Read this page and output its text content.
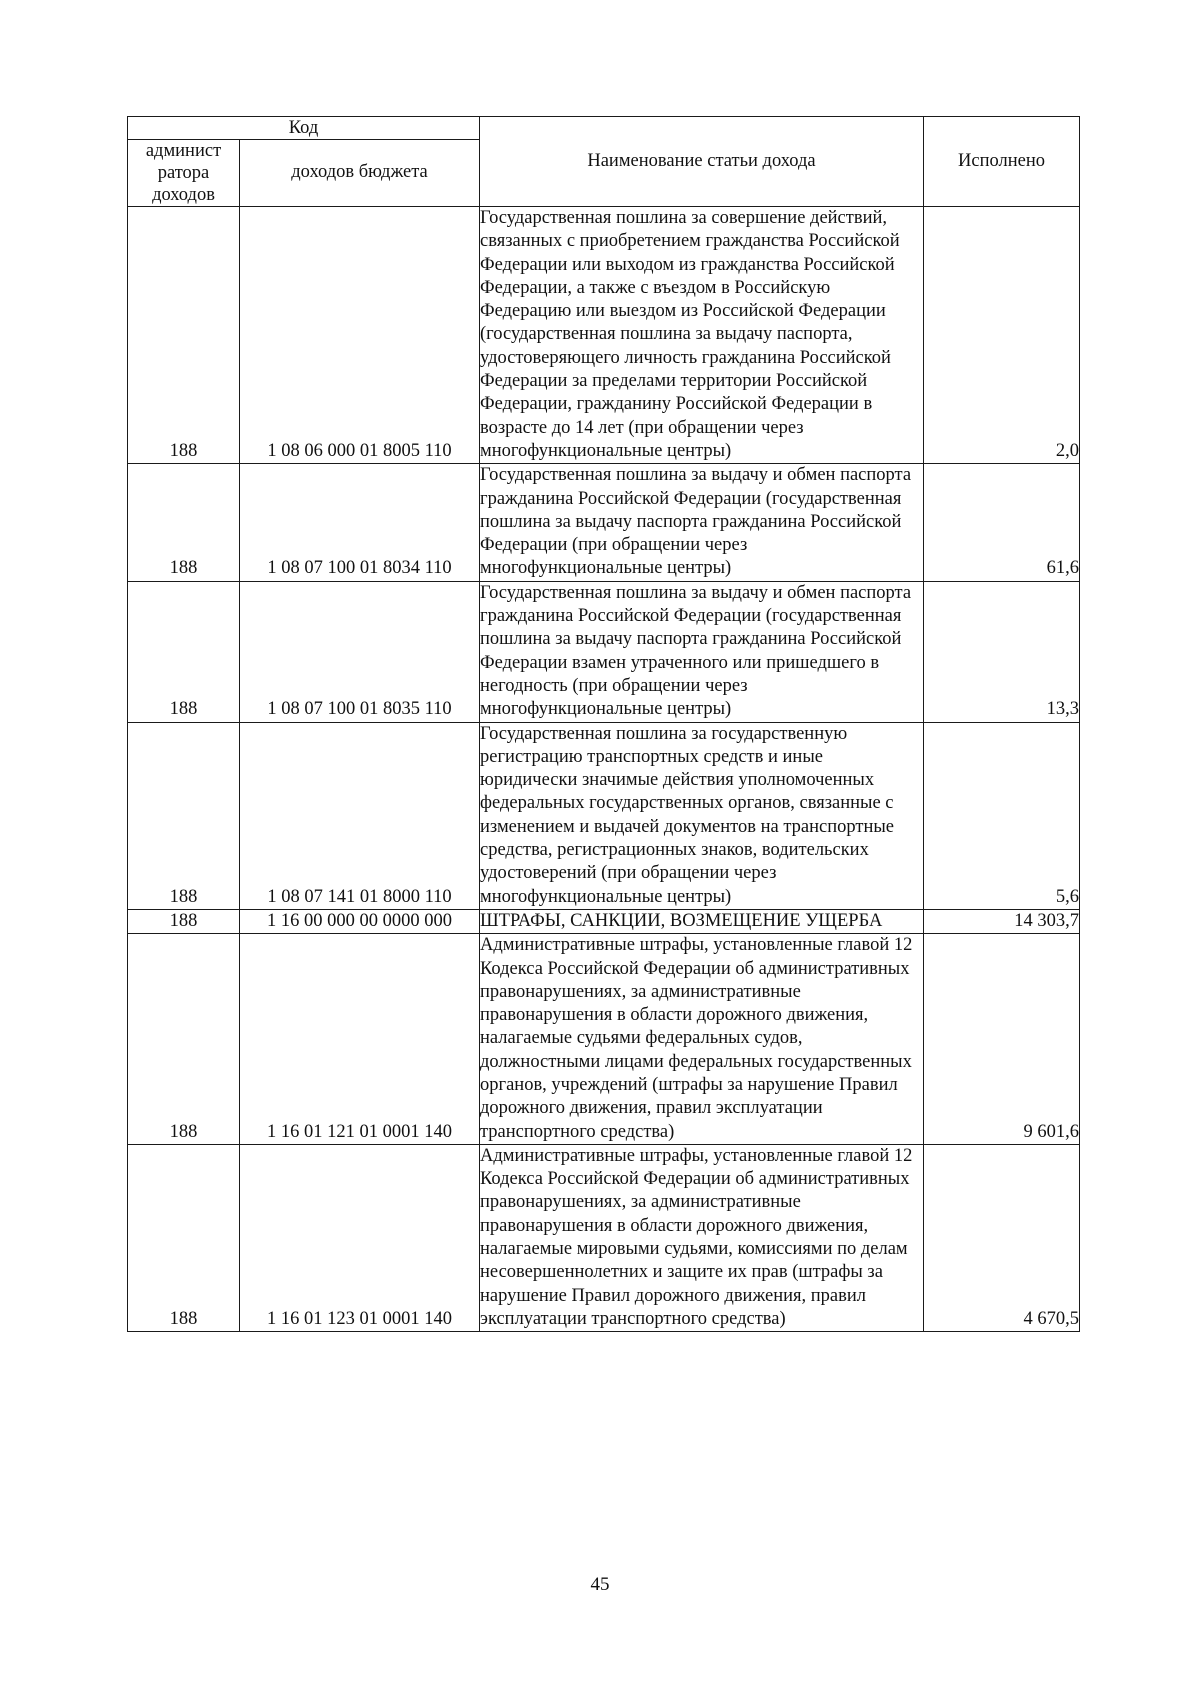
Код		Наименование статьи дохода	Исполнено
админист ратора доходов	доходов бюджета		
188	1 08 06 000 01 8005 110	Государственная пошлина за совершение действий, связанных с приобретением гражданства Российской Федерации или выходом из гражданства Российской Федерации, а также с въездом в Российскую Федерацию или выездом из Российской Федерации (государственная пошлина за выдачу паспорта, удостоверяющего личность гражданина Российской Федерации за пределами территории Российской Федерации, гражданину Российской Федерации в возрасте до 14 лет (при обращении через многофункциональные центры)	2,0
188	1 08 07 100 01 8034 110	Государственная пошлина за выдачу и обмен паспорта гражданина Российской Федерации (государственная пошлина за выдачу паспорта гражданина Российской Федерации (при обращении через многофункциональные центры)	61,6
188	1 08 07 100 01 8035 110	Государственная пошлина за выдачу и обмен паспорта гражданина Российской Федерации (государственная пошлина за выдачу паспорта гражданина Российской Федерации взамен утраченного или пришедшего в негодность (при обращении через многофункциональные центры)	13,3
188	1 08 07 141 01 8000 110	Государственная пошлина за государственную регистрацию транспортных средств и иные юридически значимые действия уполномоченных федеральных государственных органов, связанные с изменением и выдачей документов на транспортные средства, регистрационных знаков, водительских удостоверений (при обращении через многофункциональные центры)	5,6
188	1 16 00 000 00 0000 000	ШТРАФЫ, САНКЦИИ, ВОЗМЕЩЕНИЕ УЩЕРБА	14 303,7
188	1 16 01 121 01 0001 140	Административные штрафы, установленные главой 12 Кодекса Российской Федерации об административных правонарушениях, за административные правонарушения в области дорожного движения, налагаемые судьями федеральных судов, должностными лицами федеральных государственных органов, учреждений (штрафы за нарушение Правил дорожного движения, правил эксплуатации транспортного средства)	9 601,6
188	1 16 01 123 01 0001 140	Административные штрафы, установленные главой 12 Кодекса Российской Федерации об административных правонарушениях, за административные правонарушения в области дорожного движения, налагаемые мировыми судьями, комиссиями по делам несовершеннолетних и защите их прав (штрафы за нарушение Правил дорожного движения, правил эксплуатации транспортного средства)	4 670,5
45
